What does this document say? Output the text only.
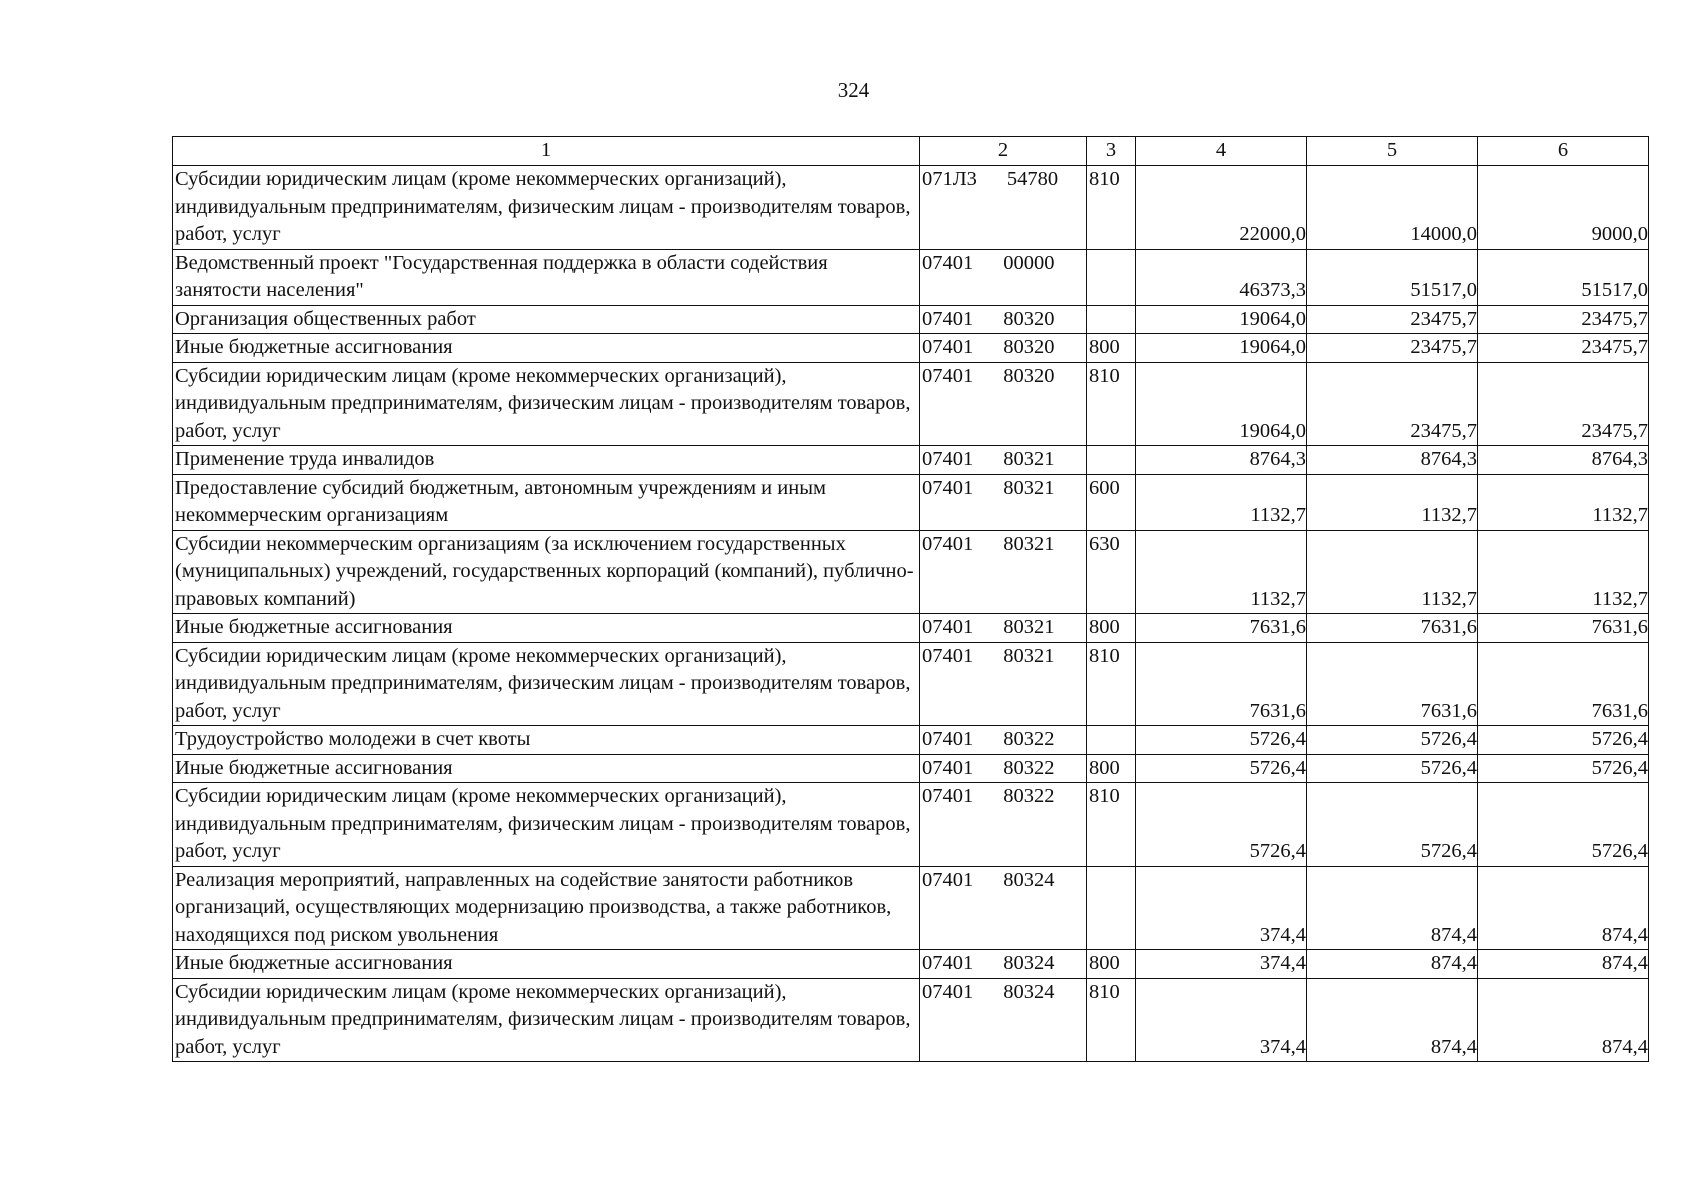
324
1	2	3	4	5	6
Субсидии юридическим лицам (кроме некоммерческих организаций), индивидуальным предпринимателям, физическим лицам - производителям товаров, работ, услуг	071Л3 54780	810	22000,0	14000,0	9000,0
Ведомственный проект "Государственная поддержка в области содействия занятости населения"	07401 00000		46373,3	51517,0	51517,0
Организация общественных работ	07401 80320		19064,0	23475,7	23475,7
Иные бюджетные ассигнования	07401 80320	800	19064,0	23475,7	23475,7
Субсидии юридическим лицам (кроме некоммерческих организаций), индивидуальным предпринимателям, физическим лицам - производителям товаров, работ, услуг	07401 80320	810	19064,0	23475,7	23475,7
Применение труда инвалидов	07401 80321		8764,3	8764,3	8764,3
Предоставление субсидий бюджетным, автономным учреждениям и иным некоммерческим организациям	07401 80321	600	1132,7	1132,7	1132,7
Субсидии некоммерческим организациям (за исключением государственных (муниципальных) учреждений, государственных корпораций (компаний), публично-правовых компаний)	07401 80321	630	1132,7	1132,7	1132,7
Иные бюджетные ассигнования	07401 80321	800	7631,6	7631,6	7631,6
Субсидии юридическим лицам (кроме некоммерческих организаций), индивидуальным предпринимателям, физическим лицам - производителям товаров, работ, услуг	07401 80321	810	7631,6	7631,6	7631,6
Трудоустройство молодежи в счет квоты	07401 80322		5726,4	5726,4	5726,4
Иные бюджетные ассигнования	07401 80322	800	5726,4	5726,4	5726,4
Субсидии юридическим лицам (кроме некоммерческих организаций), индивидуальным предпринимателям, физическим лицам - производителям товаров, работ, услуг	07401 80322	810	5726,4	5726,4	5726,4
Реализация мероприятий, направленных на содействие занятости работников организаций, осуществляющих модернизацию производства, а также работников, находящихся под риском увольнения	07401 80324		374,4	874,4	874,4
Иные бюджетные ассигнования	07401 80324	800	374,4	874,4	874,4
Субсидии юридическим лицам (кроме некоммерческих организаций), индивидуальным предпринимателям, физическим лицам - производителям товаров, работ, услуг	07401 80324	810	374,4	874,4	874,4
